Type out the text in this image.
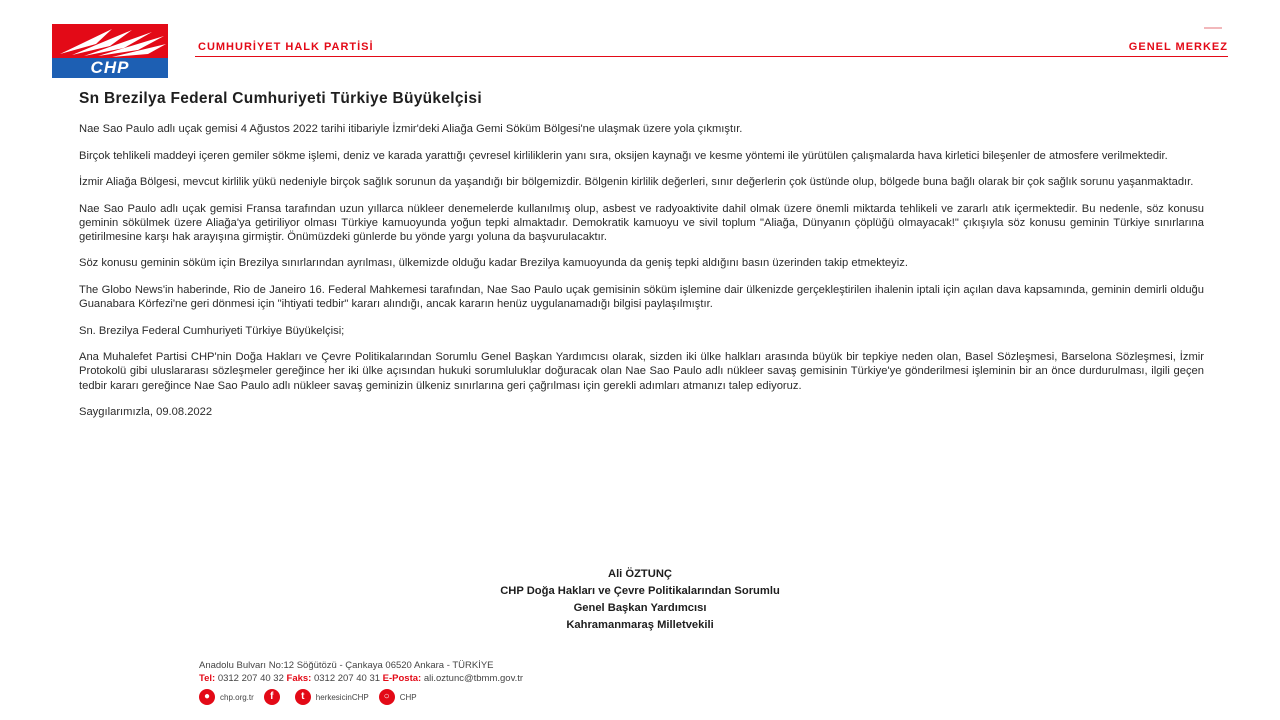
CHP
CUMHURİYET HALK PARTİSİ	GENEL MERKEZ
Sn Brezilya Federal Cumhuriyeti Türkiye Büyükelçisi

Nae Sao Paulo adlı uçak gemisi 4 Ağustos 2022 tarihi itibariyle İzmir'deki Aliağa Gemi Söküm Bölgesi'ne ulaşmak üzere yola çıkmıştır.

Birçok tehlikeli maddeyi içeren gemiler sökme işlemi, deniz ve karada yarattığı çevresel kirliliklerin yanı sıra, oksijen kaynağı ve kesme yöntemi ile yürütülen çalışmalarda hava kirletici bileşenler de atmosfere verilmektedir.

İzmir Aliağa Bölgesi, mevcut kirlilik yükü nedeniyle birçok sağlık sorunun da yaşandığı bir bölgemizdir. Bölgenin kirlilik değerleri, sınır değerlerin çok üstünde olup, bölgede buna bağlı olarak bir çok sağlık sorunu yaşanmaktadır.

Nae Sao Paulo adlı uçak gemisi Fransa tarafından uzun yıllarca nükleer denemelerde kullanılmış olup, asbest ve radyoaktivite dahil olmak üzere önemli miktarda tehlikeli ve zararlı atık içermektedir. Bu nedenle, söz konusu geminin sökülmek üzere Aliağa'ya getiriliyor olması Türkiye kamuoyunda yoğun tepki almaktadır. Demokratik kamuoyu ve sivil toplum "Aliağa, Dünyanın çöplüğü olmayacak!" çıkışıyla söz konusu geminin Türkiye sınırlarına getirilmesine karşı hak arayışına girmiştir. Önümüzdeki günlerde bu yönde yargı yoluna da başvurulacaktır.

Söz konusu geminin söküm için Brezilya sınırlarından ayrılması, ülkemizde olduğu kadar Brezilya kamuoyunda da geniş tepki aldığını basın üzerinden takip etmekteyiz.

The Globo News'in haberinde, Rio de Janeiro 16. Federal Mahkemesi tarafından, Nae Sao Paulo uçak gemisinin söküm işlemine dair ülkenizde gerçekleştirilen ihalenin iptali için açılan dava kapsamında, geminin demirli olduğu Guanabara Körfezi'ne geri dönmesi için "ihtiyati tedbir" kararı alındığı, ancak kararın henüz uygulanamadığı bilgisi paylaşılmıştır.

Sn. Brezilya Federal Cumhuriyeti Türkiye Büyükelçisi;

Ana Muhalefet Partisi CHP'nin Doğa Hakları ve Çevre Politikalarından Sorumlu Genel Başkan Yardımcısı olarak, sizden iki ülke halkları arasında büyük bir tepkiye neden olan, Basel Sözleşmesi, Barselona Sözleşmesi, İzmir Protokolü gibi uluslararası sözleşmeler gereğince her iki ülke açısından hukuki sorumluluklar doğuracak olan Nae Sao Paulo adlı nükleer savaş gemisinin Türkiye'ye gönderilmesi işleminin bir an önce durdurulması, ilgili geçen tedbir kararı gereğince Nae Sao Paulo adlı nükleer savaş geminizin ülkeniz sınırlarına geri çağrılması için gerekli adımları atmanızı talep ediyoruz.

Saygılarımızla, 09.08.2022

Ali ÖZTUNÇ
CHP Doğa Hakları ve Çevre Politikalarından Sorumlu
Genel Başkan Yardımcısı
Kahramanmaraş Milletvekili
Anadolu Bulvarı No:12 Söğütözü - Çankaya 06520 Ankara - TÜRKİYE
Tel: 0312 207 40 32 Faks: 0312 207 40 31 E-Posta: ali.oztunc@tbmm.gov.tr
●	chp.org.tr	f	t	herkesicinCHP	○	CHP
